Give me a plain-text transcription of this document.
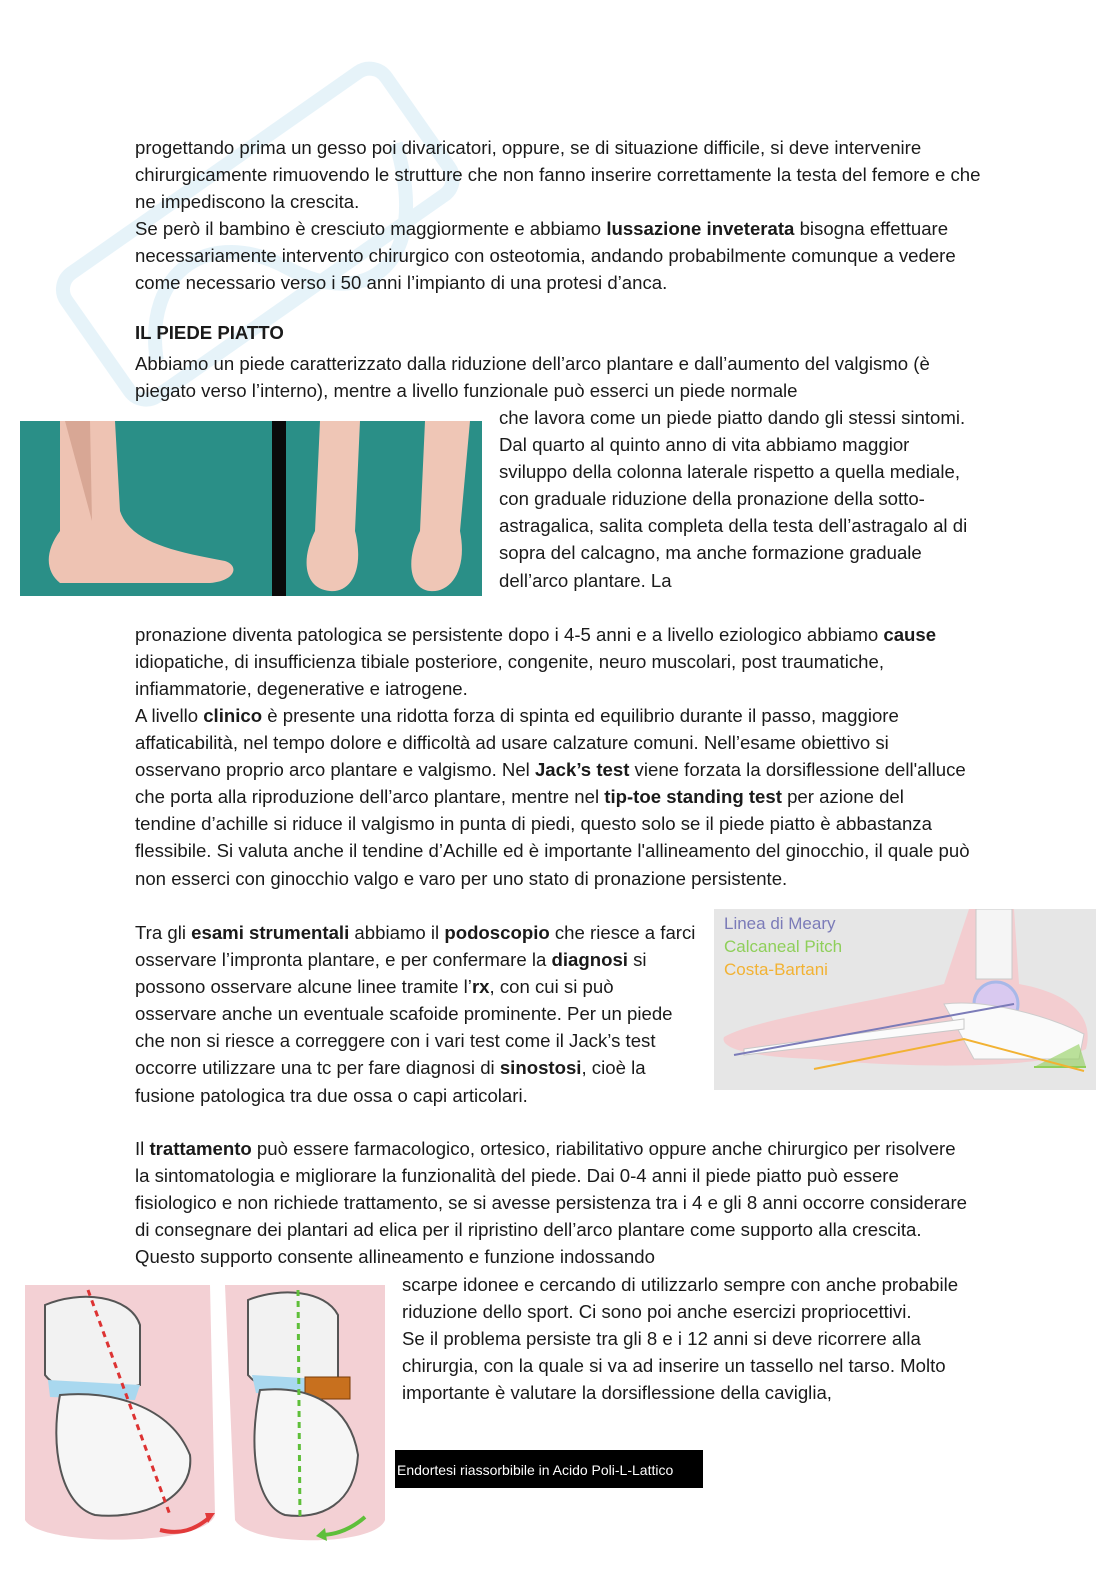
progettando prima un gesso poi divaricatori, oppure, se di situazione difficile, si deve intervenire chirurgicamente rimuovendo le strutture che non fanno inserire correttamente la testa del femore e che ne impediscono la crescita.
Se però il bambino è cresciuto maggiormente e abbiamo lussazione inveterata bisogna effettuare necessariamente intervento chirurgico con osteotomia, andando probabilmente comunque a vedere come necessario verso i 50 anni l’impianto di una protesi d’anca.
IL PIEDE PIATTO
Abbiamo un piede caratterizzato dalla riduzione dell’arco plantare e dall’aumento del valgismo (è piegato verso l’interno), mentre a livello funzionale può esserci un piede normale
che lavora come un piede piatto dando gli stessi sintomi.
Dal quarto al quinto anno di vita abbiamo maggior sviluppo della colonna laterale rispetto a quella mediale, con graduale riduzione della pronazione della sotto-astragalica, salita completa della testa dell’astragalo al di sopra del calcagno, ma anche formazione graduale dell’arco plantare. La
pronazione diventa patologica se persistente dopo i 4-5 anni e a livello eziologico abbiamo cause idiopatiche, di insufficienza tibiale posteriore, congenite, neuro muscolari, post traumatiche, infiammatorie, degenerative e iatrogene.
A livello clinico è presente una ridotta forza di spinta ed equilibrio durante il passo, maggiore affaticabilità, nel tempo dolore e difficoltà ad usare calzature comuni. Nell’esame obiettivo si osservano proprio arco plantare e valgismo. Nel Jack’s test viene forzata la dorsiflessione dell'alluce che porta alla riproduzione dell’arco plantare, mentre nel tip-toe standing test per azione del tendine d’achille si riduce il valgismo in punta di piedi, questo solo se il piede piatto è abbastanza flessibile. Si valuta anche il tendine d’Achille ed è importante l'allineamento del ginocchio, il quale può non esserci con ginocchio valgo e varo per uno stato di pronazione persistente.
Linea di Meary
Calcaneal Pitch
Costa-Bartani
Tra gli esami strumentali abbiamo il podoscopio che riesce a farci osservare l’impronta plantare, e per confermare la diagnosi si possono osservare alcune linee tramite l’rx, con cui si può osservare anche un eventuale scafoide prominente. Per un piede che non si riesce a correggere con i vari test come il Jack’s test occorre utilizzare una tc per fare diagnosi di sinostosi, cioè la fusione patologica tra due ossa o capi articolari.
Il trattamento può essere farmacologico, ortesico, riabilitativo oppure anche chirurgico per risolvere la sintomatologia e migliorare la funzionalità del piede. Dai 0-4 anni il piede piatto può essere fisiologico e non richiede trattamento, se si avesse persistenza tra i 4 e gli 8 anni occorre considerare di consegnare dei plantari ad elica per il ripristino dell’arco plantare come supporto alla crescita. Questo supporto consente allineamento e funzione indossando
scarpe idonee e cercando di utilizzarlo sempre con anche probabile riduzione dello sport. Ci sono poi anche esercizi propriocettivi.
Se il problema persiste tra gli 8 e i 12 anni si deve ricorrere alla chirurgia, con la quale si va ad inserire un tassello nel tarso. Molto importante è valutare la dorsiflessione della caviglia,
Endortesi riassorbibile in Acido Poli-L-Lattico
